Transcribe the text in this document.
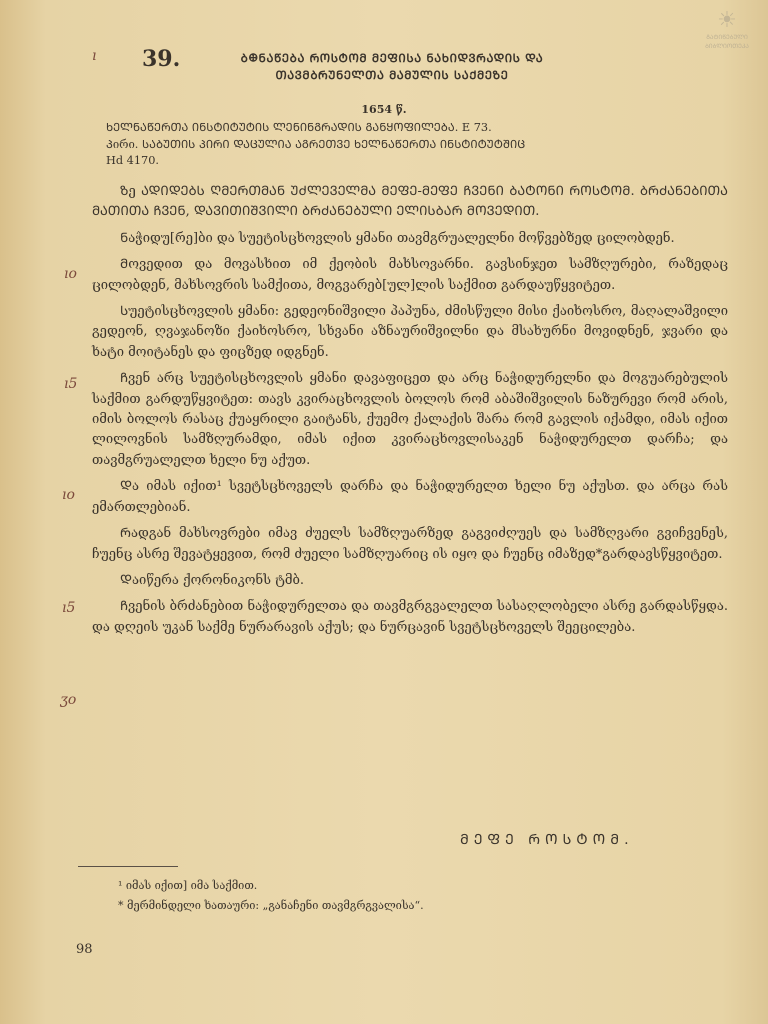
☀
ᲒᲐᲢᲘᲬᲔᲑᲣᲚᲘ
ᲑᲘᲑᲚᲘᲝᲗᲔᲙᲐ
ı 39.	Ბ𐃏ᲜᲐᲬᲔᲑᲐ ᲠᲝᲡᲢᲝᲛ ᲛᲔᲤᲘᲡᲐ ᲜᲐᲮᲘᲓᲕᲠᲐᲓᲘᲡ ᲓᲐ
ᲗᲐᲕᲛᲑᲠᲣᲜᲔᲚᲗᲐ ᲛᲐᲛᲣᲚᲘᲡ ᲡᲐᲥᲛᲔᲖᲔ
1654 წ.
ᲮᲔᲚᲜᲐᲬᲔᲠᲗᲐ ᲘᲜᲡᲢᲘᲢᲣᲢᲘᲡ ᲚᲔᲜᲘᲜᲒᲠᲐᲓᲘᲡ ᲒᲐᲜᲧᲝᲤᲘᲚᲔᲑᲐ. E 73.
Პირი. ᲡᲐᲑᲣᲗᲘᲡ ᲞᲘᲠᲘ ᲓᲐᲪᲣᲚᲘᲐ ᲐᲒᲠᲔᲗᲕᲔ ᲮᲔᲚᲜᲐᲬᲔᲠᲗᲐ ᲘᲜᲡᲢᲘᲢᲣᲢᲨᲘᲪ
Hd 4170.
ıo
ı5
ıo
ı5
ʒo

Ზე ᲐᲓᲘᲓᲔᲑᲡ ᲦᲛᲔᲠᲗᲛᲐᲜ ᲣᲫᲚᲔᲕᲔᲚᲛᲐ ᲛᲔᲤᲔ-ᲛᲔᲤᲔ ᲩᲕᲔᲜᲘ ᲑᲐᲢᲝᲜᲘ ᲠᲝᲡᲢᲝᲛ. ᲑᲠᲫᲐᲜᲔᲑᲘᲗᲐ ᲛᲐᲗᲘᲗᲐ ᲩᲕᲔᲜ, ᲓᲐᲕᲘᲗᲘᲨᲕᲘᲚᲘ ᲑᲠᲫᲐᲜᲔᲑᲣᲚᲘ ᲔᲚᲘᲡᲑᲐᲠ ᲛᲝᲕᲔᲓᲘᲗ.

Ნაჭიდუ[რე]ბი და სუეტისცხოვლის ყმანი თავმგრუალელნი მოწვებზედ ცილობდენ.

Მოვედით და მოვასხით იმ ქეობის მახსოვარნი. გავსინჯეთ სამზღურები, რაზედაც ცილობდენ, მახსოვრის სამქითა, მოგვარებ[ულ]ლის საქმით გარდაუწყვიტეთ.

Სუეტისცხოვლის ყმანი: გედეონიშვილი პაპუნა, ძმისწული მისი ქაიხოსრო, მაღალაშვილი გედეონ, ღვაჯანოზი ქაიხოსრო, სხვანი აზნაურიშვილნი და მსახურნი მოვიდნენ, ჯვარი და ხატი მოიტანეს და ფიცზედ იდგნენ.

Ჩვენ არც სუეტისცხოვლის ყმანი დავაფიცეთ და არც ნაჭიდურელნი და მოგუარებულის საქმით გარდუწყვიტეთ: თავს კვირაცხოვლის ბოლოს რომ აბაშიშვილის ნაზურევი რომ არის, იმის ბოლოს რასაც ქუაყრილი გაიტანს, ქუემო ქალაქის შარა რომ გავლის იქამდი, იმას იქით ლილოვნის სამზღურამდი, იმას იქით კვირაცხოვლისაკენ ნაჭიდურელთ დარჩა; და თავმგრუალელთ ხელი ნუ აქუთ.

Და იმას იქით¹ სვეტსცხოველს დარჩა და ნაჭიდურელთ ხელი ნუ აქუსთ. და არცა რას ემართლებიან.

Რადგან მახსოვრები იმავ ძუელს სამზღუარზედ გაგვიძღუეს და სამზღვარი გვიჩვენეს, ჩუენც ასრე შევატყევით, რომ ძუელი სამზღუარიც ის იყო და ჩუენც იმაზედ*გარდავსწყვიტეთ.

Დაიწერა ქორონიკონს ტმბ.

Ჩვენის ბრძანებით ნაჭიდურელთა და თავმგრგვალელთ სასაღლობელი ასრე გარდასწყდა. და დღეის უკან საქმე ნურარავის აქუს; და ნურცავინ სვეტსცხოველს შეეცილება.

ᲛᲔᲤᲔ ᲠᲝᲡᲢᲝᲛ.
¹ იმას იქით] იმა საქმით.
* მერმინდელი ხათაური: „განაჩენი თავმგრგვალისა“.
98
